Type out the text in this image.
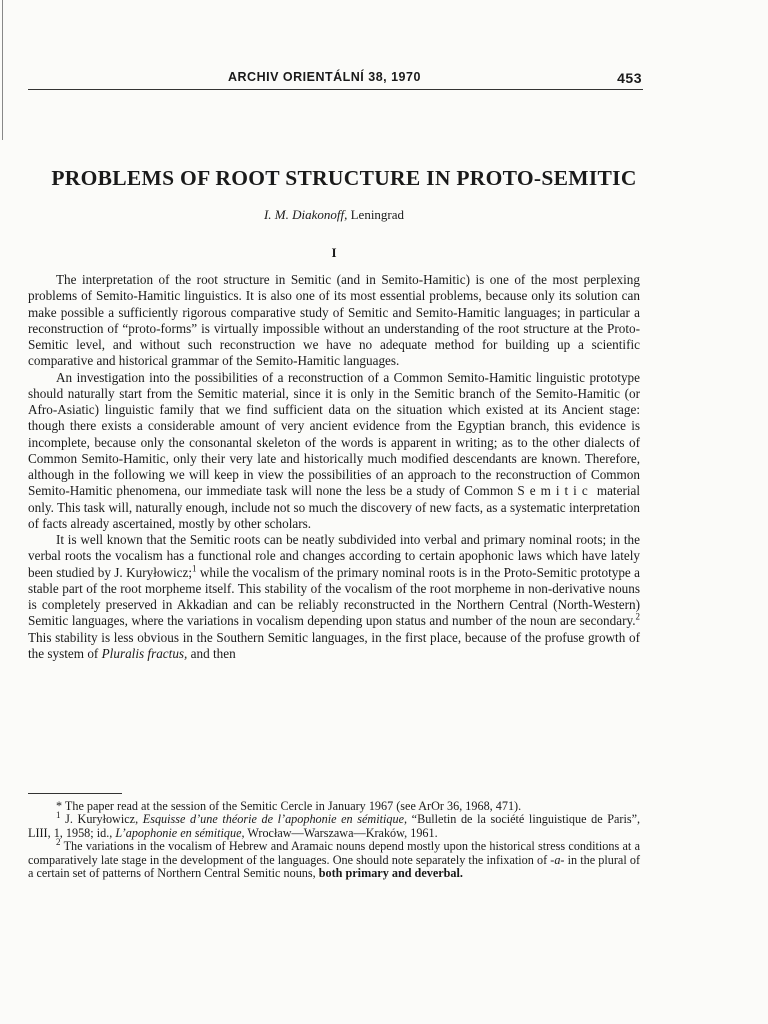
ARCHIV ORIENTÁLNÍ 38, 1970	453
PROBLEMS OF ROOT STRUCTURE IN PROTO-SEMITIC
I. M. Diakonoff, Leningrad
I

The interpretation of the root structure in Semitic (and in Semito-Hamitic) is one of the most perplexing problems of Semito-Hamitic linguistics. It is also one of its most essential problems, because only its solution can make possible a sufficiently rigorous comparative study of Semitic and Semito-Hamitic languages; in particular a reconstruction of “proto-forms” is virtually impossible without an understanding of the root structure at the Proto-Semitic level, and without such reconstruction we have no adequate method for building up a scientific comparative and historical grammar of the Semito-Hamitic languages.

An investigation into the possibilities of a reconstruction of a Common Semito-Hamitic linguistic prototype should naturally start from the Semitic material, since it is only in the Semitic branch of the Semito-Hamitic (or Afro-Asiatic) linguistic family that we find sufficient data on the situation which existed at its Ancient stage: though there exists a considerable amount of very ancient evidence from the Egyptian branch, this evidence is incomplete, because only the consonantal skeleton of the words is apparent in writing; as to the other dialects of Common Semito-Hamitic, only their very late and historically much modified descendants are known. Therefore, although in the following we will keep in view the possibilities of an approach to the reconstruction of Common Semito-Hamitic phenomena, our immediate task will none the less be a study of Common Semitic material only. This task will, naturally enough, include not so much the discovery of new facts, as a systematic interpretation of facts already ascertained, mostly by other scholars.

It is well known that the Semitic roots can be neatly subdivided into verbal and primary nominal roots; in the verbal roots the vocalism has a functional role and changes according to certain apophonic laws which have lately been studied by J. Kuryłowicz;$^1$ while the vocalism of the primary nominal roots is in the Proto-Semitic prototype a stable part of the root morpheme itself. This stability of the vocalism of the root morpheme in non-derivative nouns is completely preserved in Akkadian and can be reliably reconstructed in the Northern Central (North-Western) Semitic languages, where the variations in vocalism depending upon status and number of the noun are secondary.$^2$ This stability is less obvious in the Southern Semitic languages, in the first place, because of the profuse growth of the system of Pluralis fractus, and then

* The paper read at the session of the Semitic Cercle in January 1967 (see ArOr 36, 1968, 471).

$^1$ J. Kuryłowicz, Esquisse d’une théorie de l’apophonie en sémitique, “Bulletin de la société linguistique de Paris”, LIII, 1, 1958; id., L’apophonie en sémitique, Wrocław—Warszawa—Kraków, 1961.

$^2$ The variations in the vocalism of Hebrew and Aramaic nouns depend mostly upon the historical stress conditions at a comparatively late stage in the development of the languages. One should note separately the infixation of -a- in the plural of a certain set of patterns of Northern Central Semitic nouns, both primary and deverbal.
